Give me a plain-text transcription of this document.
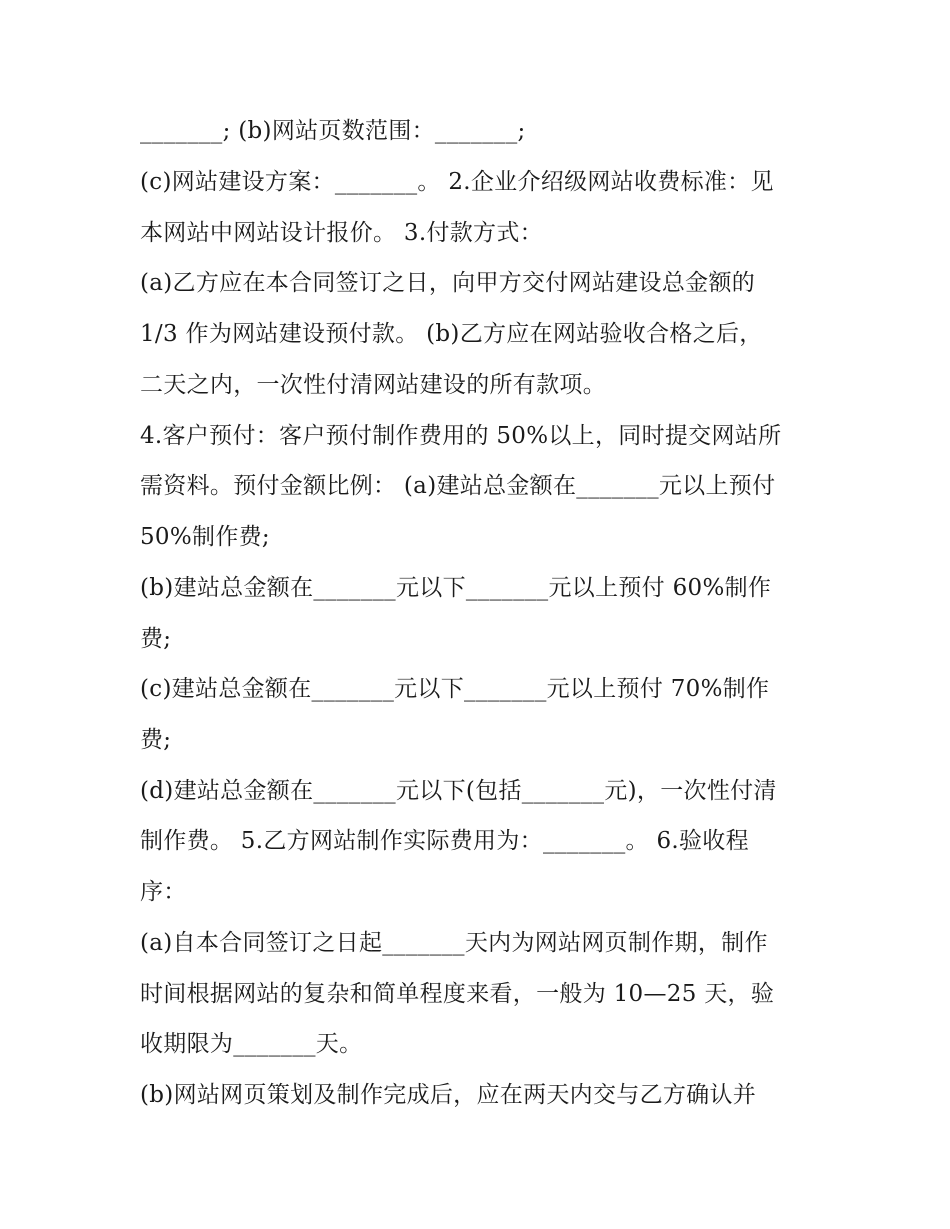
_______; (b)网站页数范围：_______;
(c)网站建设方案：_______。 2.企业介绍级网站收费标准：见
本网站中网站设计报价。 3.付款方式：
(a)乙方应在本合同签订之日，向甲方交付网站建设总金额的
1/3 作为网站建设预付款。 (b)乙方应在网站验收合格之后，
二天之内，一次性付清网站建设的所有款项。
4.客户预付：客户预付制作费用的 50%以上，同时提交网站所
需资料。预付金额比例： (a)建站总金额在_______元以上预付
50%制作费;
(b)建站总金额在_______元以下_______元以上预付 60%制作
费;
(c)建站总金额在_______元以下_______元以上预付 70%制作
费;
(d)建站总金额在_______元以下(包括_______元)，一次性付清
制作费。 5.乙方网站制作实际费用为：_______。 6.验收程
序：
(a)自本合同签订之日起_______天内为网站网页制作期，制作
时间根据网站的复杂和简单程度来看，一般为 10—25 天，验
收期限为_______天。
(b)网站网页策划及制作完成后，应在两天内交与乙方确认并
